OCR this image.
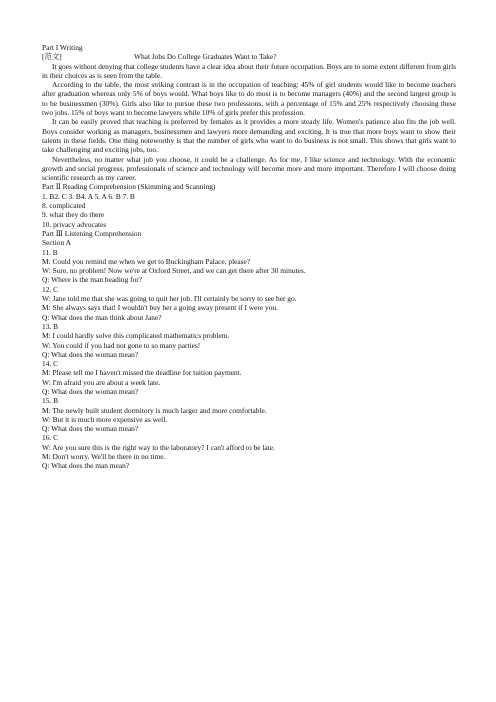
Part I Writing
[范文]	What Jobs Do College Graduates Want to Take?

It goes without denying that college students have a clear idea about their future occupation. Boys are to some extent different from girls in their choices as is seen from the table.

According to the table, the most striking contrast is in the occupation of teaching: 45% of girl students would like to become teachers after graduation whereas only 5% of boys would. What boys like to do most is to become managers (40%) and the second largest group is to be businessmen (30%). Girls also like to pursue these two professions, with a percentage of 15% and 25% respectively choosing these two jobs. 15% of boys want to become lawyers while 10% of girls prefer this profession.

It can be easily proved that teaching is preferred by females as it provides a more steady life. Women's patience also fits the job well. Boys consider working as managers, businessmen and lawyers more demanding and exciting. It is true that more boys want to show their talents in these fields. One thing noteworthy is that the number of girls who want to do business is not small. This shows that girls want to take challenging and exciting jobs, too.

Nevertheless, no matter what job you choose, it could be a challenge. As for me, I like science and technology. With the economic growth and social progress, professionals of science and technology will become more and more important. Therefore I will choose doing scientific research as my career.

Part Ⅱ Reading Comprehension (Skimming and Scanning)
1. B2. C 3. B4. A 5. A 6. B 7. B
8. complicated
9. what they do there
10. privacy advocates
Part Ⅲ Listening Comprehension
Section A
11. B
M: Could you remind me when we get to Buckingham Palace, please?
W: Sure, no problem! Now we're at Oxford Street, and we can get there after 30 minutes.
Q: Where is the man heading for?
12. C
W: Jane told me that she was going to quit her job. I'll certainly be sorry to see her go.
M: She always says that! I wouldn't buy her a going away present if I were you.
Q: What does the man think about Jane?
13. B
M: I could hardly solve this complicated mathematics problem.
W: You could if you had not gone to so many parties!
Q: What does the woman mean?
14. C
M: Please tell me I haven't missed the deadline for tuition payment.
W: I'm afraid you are about a week late.
Q: What does the woman mean?
15. B
M: The newly built student dormitory is much larger and more comfortable.
W: But it is much more expensive as well.
Q: What does the woman mean?
16. C
W: Are you sure this is the right way to the laboratory? I can't afford to be late.
M: Don't worry. We'll be there in no time.
Q: What does the man mean?
